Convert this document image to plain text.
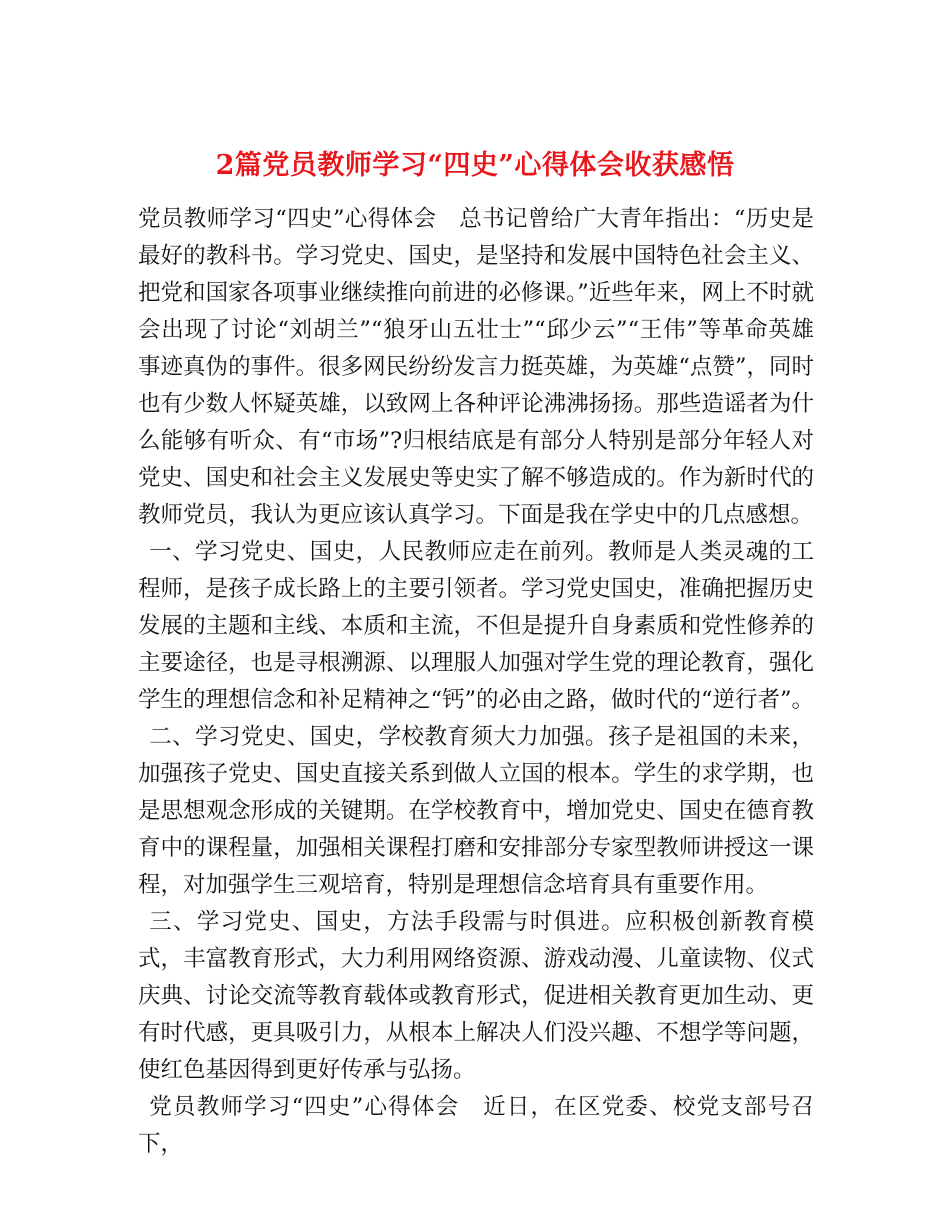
2篇党员教师学习“四史”心得体会收获感悟

党员教师学习“四史”心得体会　总书记曾给广大青年指出：“历史是最好的教科书。学习党史、国史，是坚持和发展中国特色社会主义、把党和国家各项事业继续推向前进的必修课。”近些年来，网上不时就会出现了讨论“刘胡兰”“狼牙山五壮士”“邱少云”“王伟”等革命英雄事迹真伪的事件。很多网民纷纷发言力挺英雄，为英雄“点赞”，同时也有少数人怀疑英雄，以致网上各种评论沸沸扬扬。那些造谣者为什么能够有听众、有“市场”?归根结底是有部分人特别是部分年轻人对党史、国史和社会主义发展史等史实了解不够造成的。作为新时代的教师党员，我认为更应该认真学习。下面是我在学史中的几点感想。

一、学习党史、国史，人民教师应走在前列。教师是人类灵魂的工程师，是孩子成长路上的主要引领者。学习党史国史，准确把握历史发展的主题和主线、本质和主流，不但是提升自身素质和党性修养的主要途径，也是寻根溯源、以理服人加强对学生党的理论教育，强化学生的理想信念和补足精神之“钙”的必由之路，做时代的“逆行者”。

二、学习党史、国史，学校教育须大力加强。孩子是祖国的未来，加强孩子党史、国史直接关系到做人立国的根本。学生的求学期，也是思想观念形成的关键期。在学校教育中，增加党史、国史在德育教育中的课程量，加强相关课程打磨和安排部分专家型教师讲授这一课程，对加强学生三观培育，特别是理想信念培育具有重要作用。

三、学习党史、国史，方法手段需与时俱进。应积极创新教育模式，丰富教育形式，大力利用网络资源、游戏动漫、儿童读物、仪式庆典、讨论交流等教育载体或教育形式，促进相关教育更加生动、更有时代感，更具吸引力，从根本上解决人们没兴趣、不想学等问题，使红色基因得到更好传承与弘扬。

党员教师学习“四史”心得体会　近日，在区党委、校党支部号召下，
